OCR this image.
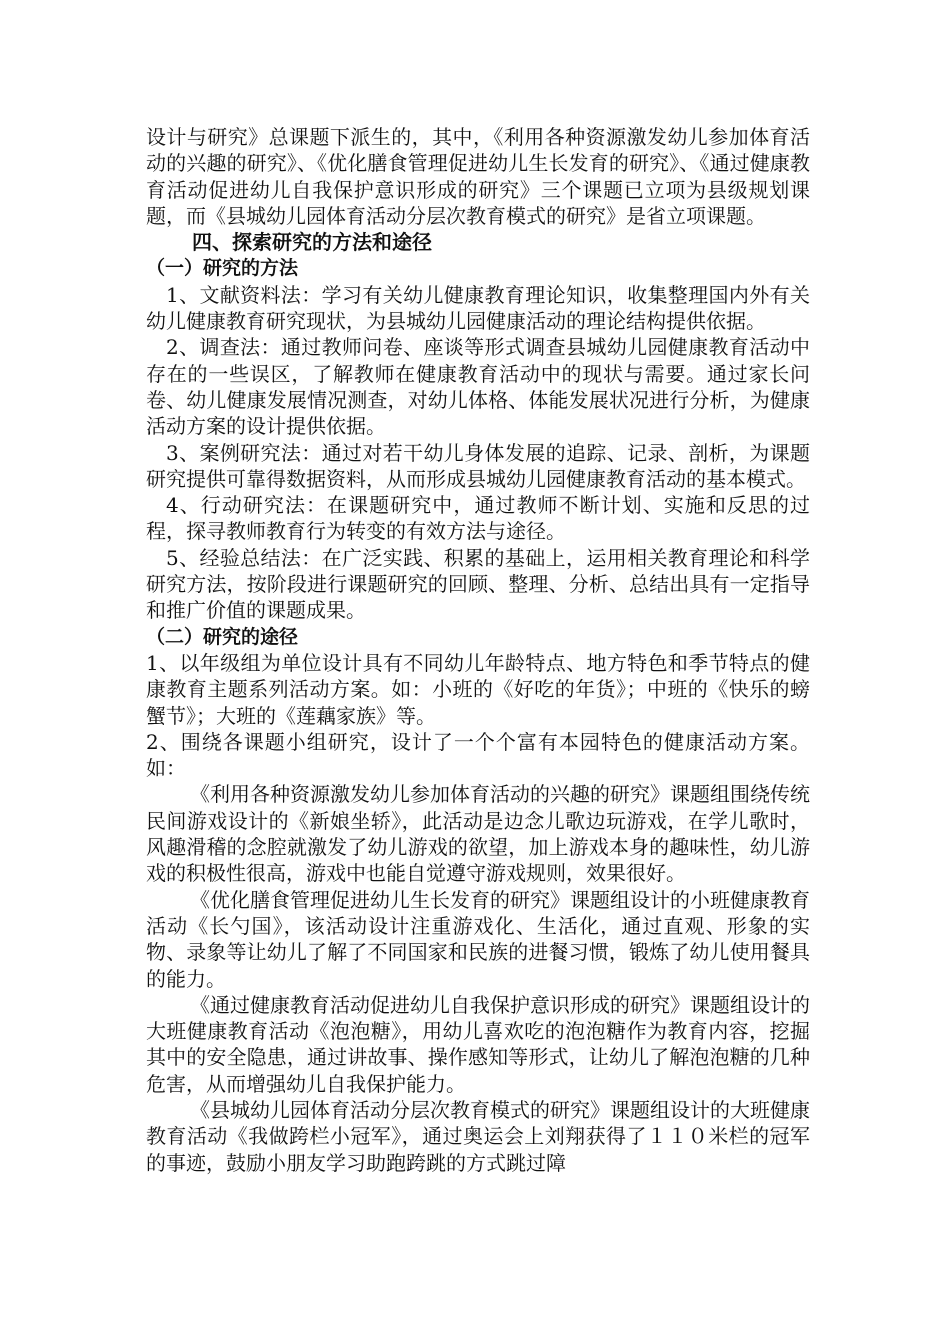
设计与研究》总课题下派生的，其中，《利用各种资源激发幼儿参加体育活动的兴趣的研究》、《优化膳食管理促进幼儿生长发育的研究》、《通过健康教育活动促进幼儿自我保护意识形成的研究》三个课题已立项为县级规划课题，而《县城幼儿园体育活动分层次教育模式的研究》是省立项课题。

四、探索研究的方法和途径

（一）研究的方法

1、文献资料法：学习有关幼儿健康教育理论知识，收集整理国内外有关幼儿健康教育研究现状，为县城幼儿园健康活动的理论结构提供依据。

2、调查法：通过教师问卷、座谈等形式调查县城幼儿园健康教育活动中存在的一些误区，了解教师在健康教育活动中的现状与需要。通过家长问卷、幼儿健康发展情况测查，对幼儿体格、体能发展状况进行分析，为健康活动方案的设计提供依据。

3、案例研究法：通过对若干幼儿身体发展的追踪、记录、剖析，为课题研究提供可靠得数据资料，从而形成县城幼儿园健康教育活动的基本模式。

4、行动研究法：在课题研究中，通过教师不断计划、实施和反思的过程，探寻教师教育行为转变的有效方法与途径。

5、经验总结法：在广泛实践、积累的基础上，运用相关教育理论和科学研究方法，按阶段进行课题研究的回顾、整理、分析、总结出具有一定指导和推广价值的课题成果。

（二）研究的途径

1、以年级组为单位设计具有不同幼儿年龄特点、地方特色和季节特点的健康教育主题系列活动方案。如：小班的《好吃的年货》；中班的《快乐的螃蟹节》；大班的《莲藕家族》等。

2、围绕各课题小组研究，设计了一个个富有本园特色的健康活动方案。如：

《利用各种资源激发幼儿参加体育活动的兴趣的研究》课题组围绕传统民间游戏设计的《新娘坐轿》，此活动是边念儿歌边玩游戏，在学儿歌时，风趣滑稽的念腔就激发了幼儿游戏的欲望，加上游戏本身的趣味性，幼儿游戏的积极性很高，游戏中也能自觉遵守游戏规则，效果很好。

《优化膳食管理促进幼儿生长发育的研究》课题组设计的小班健康教育活动《长勺国》，该活动设计注重游戏化、生活化，通过直观、形象的实物、录象等让幼儿了解了不同国家和民族的进餐习惯，锻炼了幼儿使用餐具的能力。

《通过健康教育活动促进幼儿自我保护意识形成的研究》课题组设计的大班健康教育活动《泡泡糖》，用幼儿喜欢吃的泡泡糖作为教育内容，挖掘其中的安全隐患，通过讲故事、操作感知等形式，让幼儿了解泡泡糖的几种危害，从而增强幼儿自我保护能力。

《县城幼儿园体育活动分层次教育模式的研究》课题组设计的大班健康教育活动《我做跨栏小冠军》，通过奥运会上刘翔获得了１１０米栏的冠军的事迹，鼓励小朋友学习助跑跨跳的方式跳过障
